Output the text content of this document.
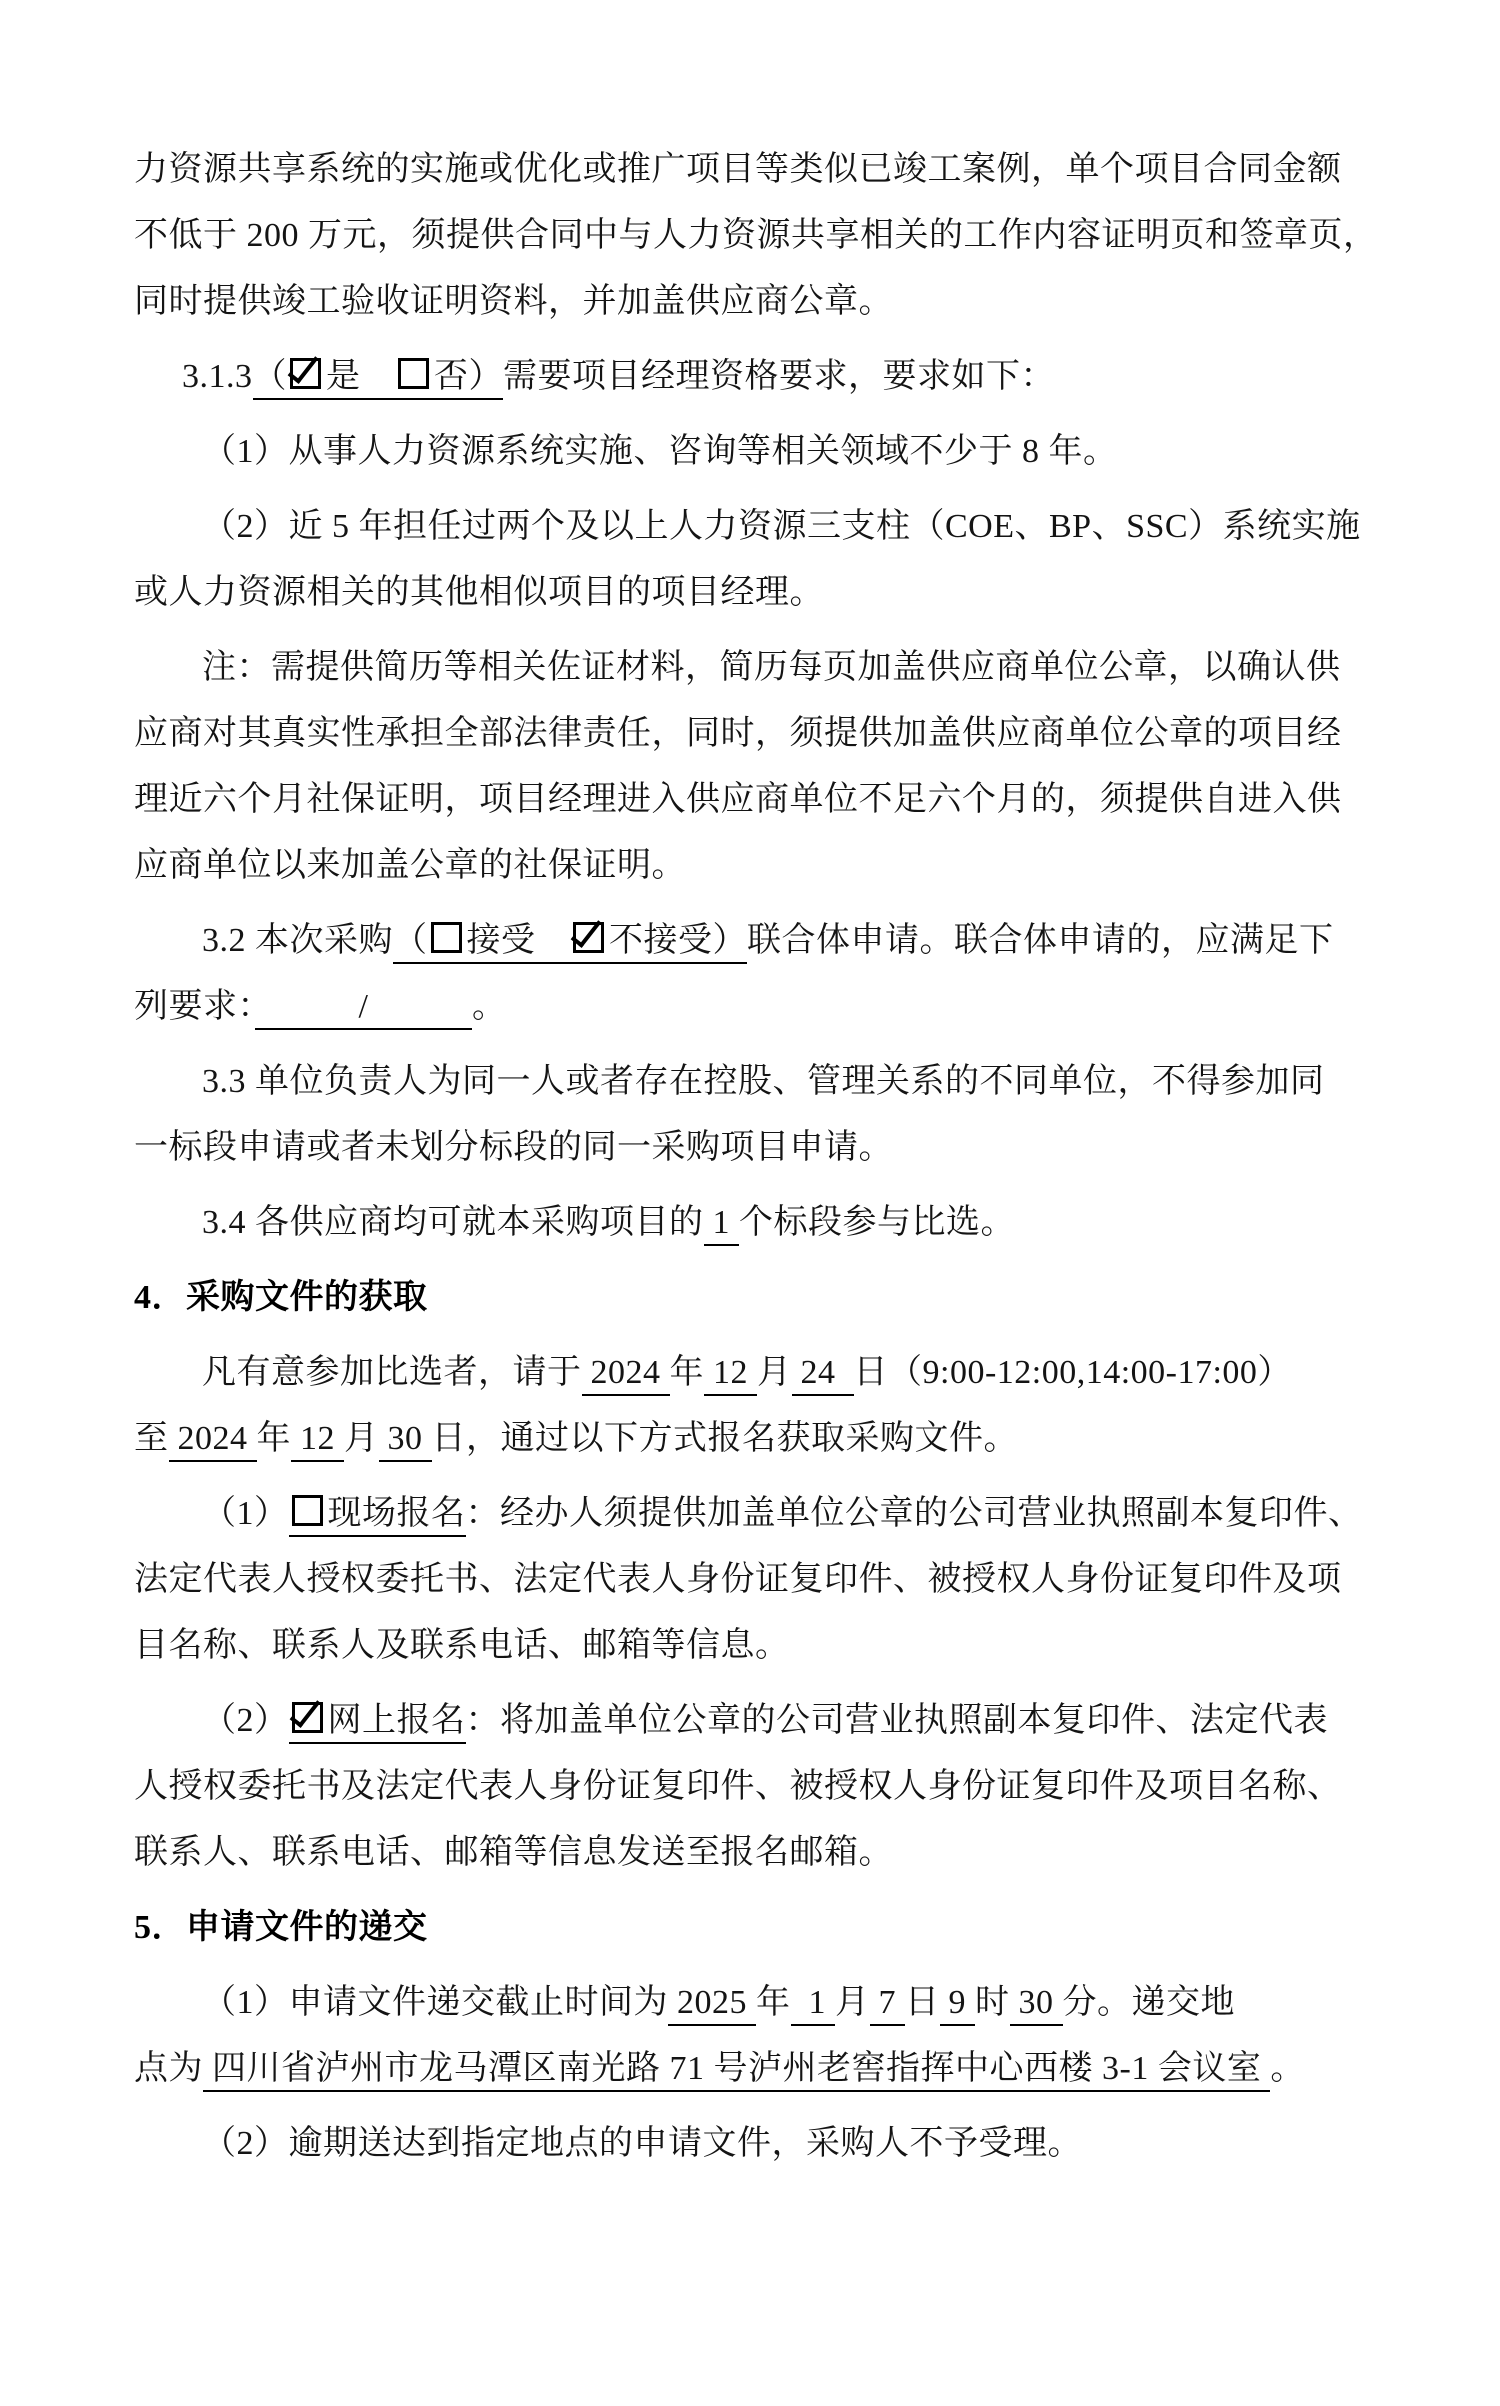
力资源共享系统的实施或优化或推广项目等类似已竣工案例，单个项目合同金额
不低于 200 万元，须提供合同中与人力资源共享相关的工作内容证明页和签章页，
同时提供竣工验收证明资料，并加盖供应商公章。
3.1.3（ 是　否）需要项目经理资格要求，要求如下：
（1）从事人力资源系统实施、咨询等相关领域不少于 8 年。
（2）近 5 年担任过两个及以上人力资源三支柱（COE、BP、SSC）系统实施
或人力资源相关的其他相似项目的项目经理。
注：需提供简历等相关佐证材料，简历每页加盖供应商单位公章，以确认供
应商对其真实性承担全部法律责任，同时，须提供加盖供应商单位公章的项目经
理近六个月社保证明，项目经理进入供应商单位不足六个月的，须提供自进入供
应商单位以来加盖公章的社保证明。
3.2 本次采购（ 接受　不接受）联合体申请。联合体申请的，应满足下
列要求：　　　/　　　。
3.3 单位负责人为同一人或者存在控股、管理关系的不同单位，不得参加同
一标段申请或者未划分标段的同一采购项目申请。
3.4 各供应商均可就本采购项目的 1 个标段参与比选。
4．采购文件的获取
凡有意参加比选者，请于 2024 年 12 月 24  日（9:00-12:00,14:00-17:00）
至 2024 年 12 月 30 日，通过以下方式报名获取采购文件。
（1） 现场报名：经办人须提供加盖单位公章的公司营业执照副本复印件、
法定代表人授权委托书、法定代表人身份证复印件、被授权人身份证复印件及项
目名称、联系人及联系电话、邮箱等信息。
（2） 网上报名：将加盖单位公章的公司营业执照副本复印件、法定代表
人授权委托书及法定代表人身份证复印件、被授权人身份证复印件及项目名称、
联系人、联系电话、邮箱等信息发送至报名邮箱。
5．申请文件的递交
（1）申请文件递交截止时间为 2025 年  1 月 7 日 9 时 30 分。递交地
点为 四川省泸州市龙马潭区南光路 71 号泸州老窖指挥中心西楼 3-1 会议室 。
（2）逾期送达到指定地点的申请文件，采购人不予受理。
